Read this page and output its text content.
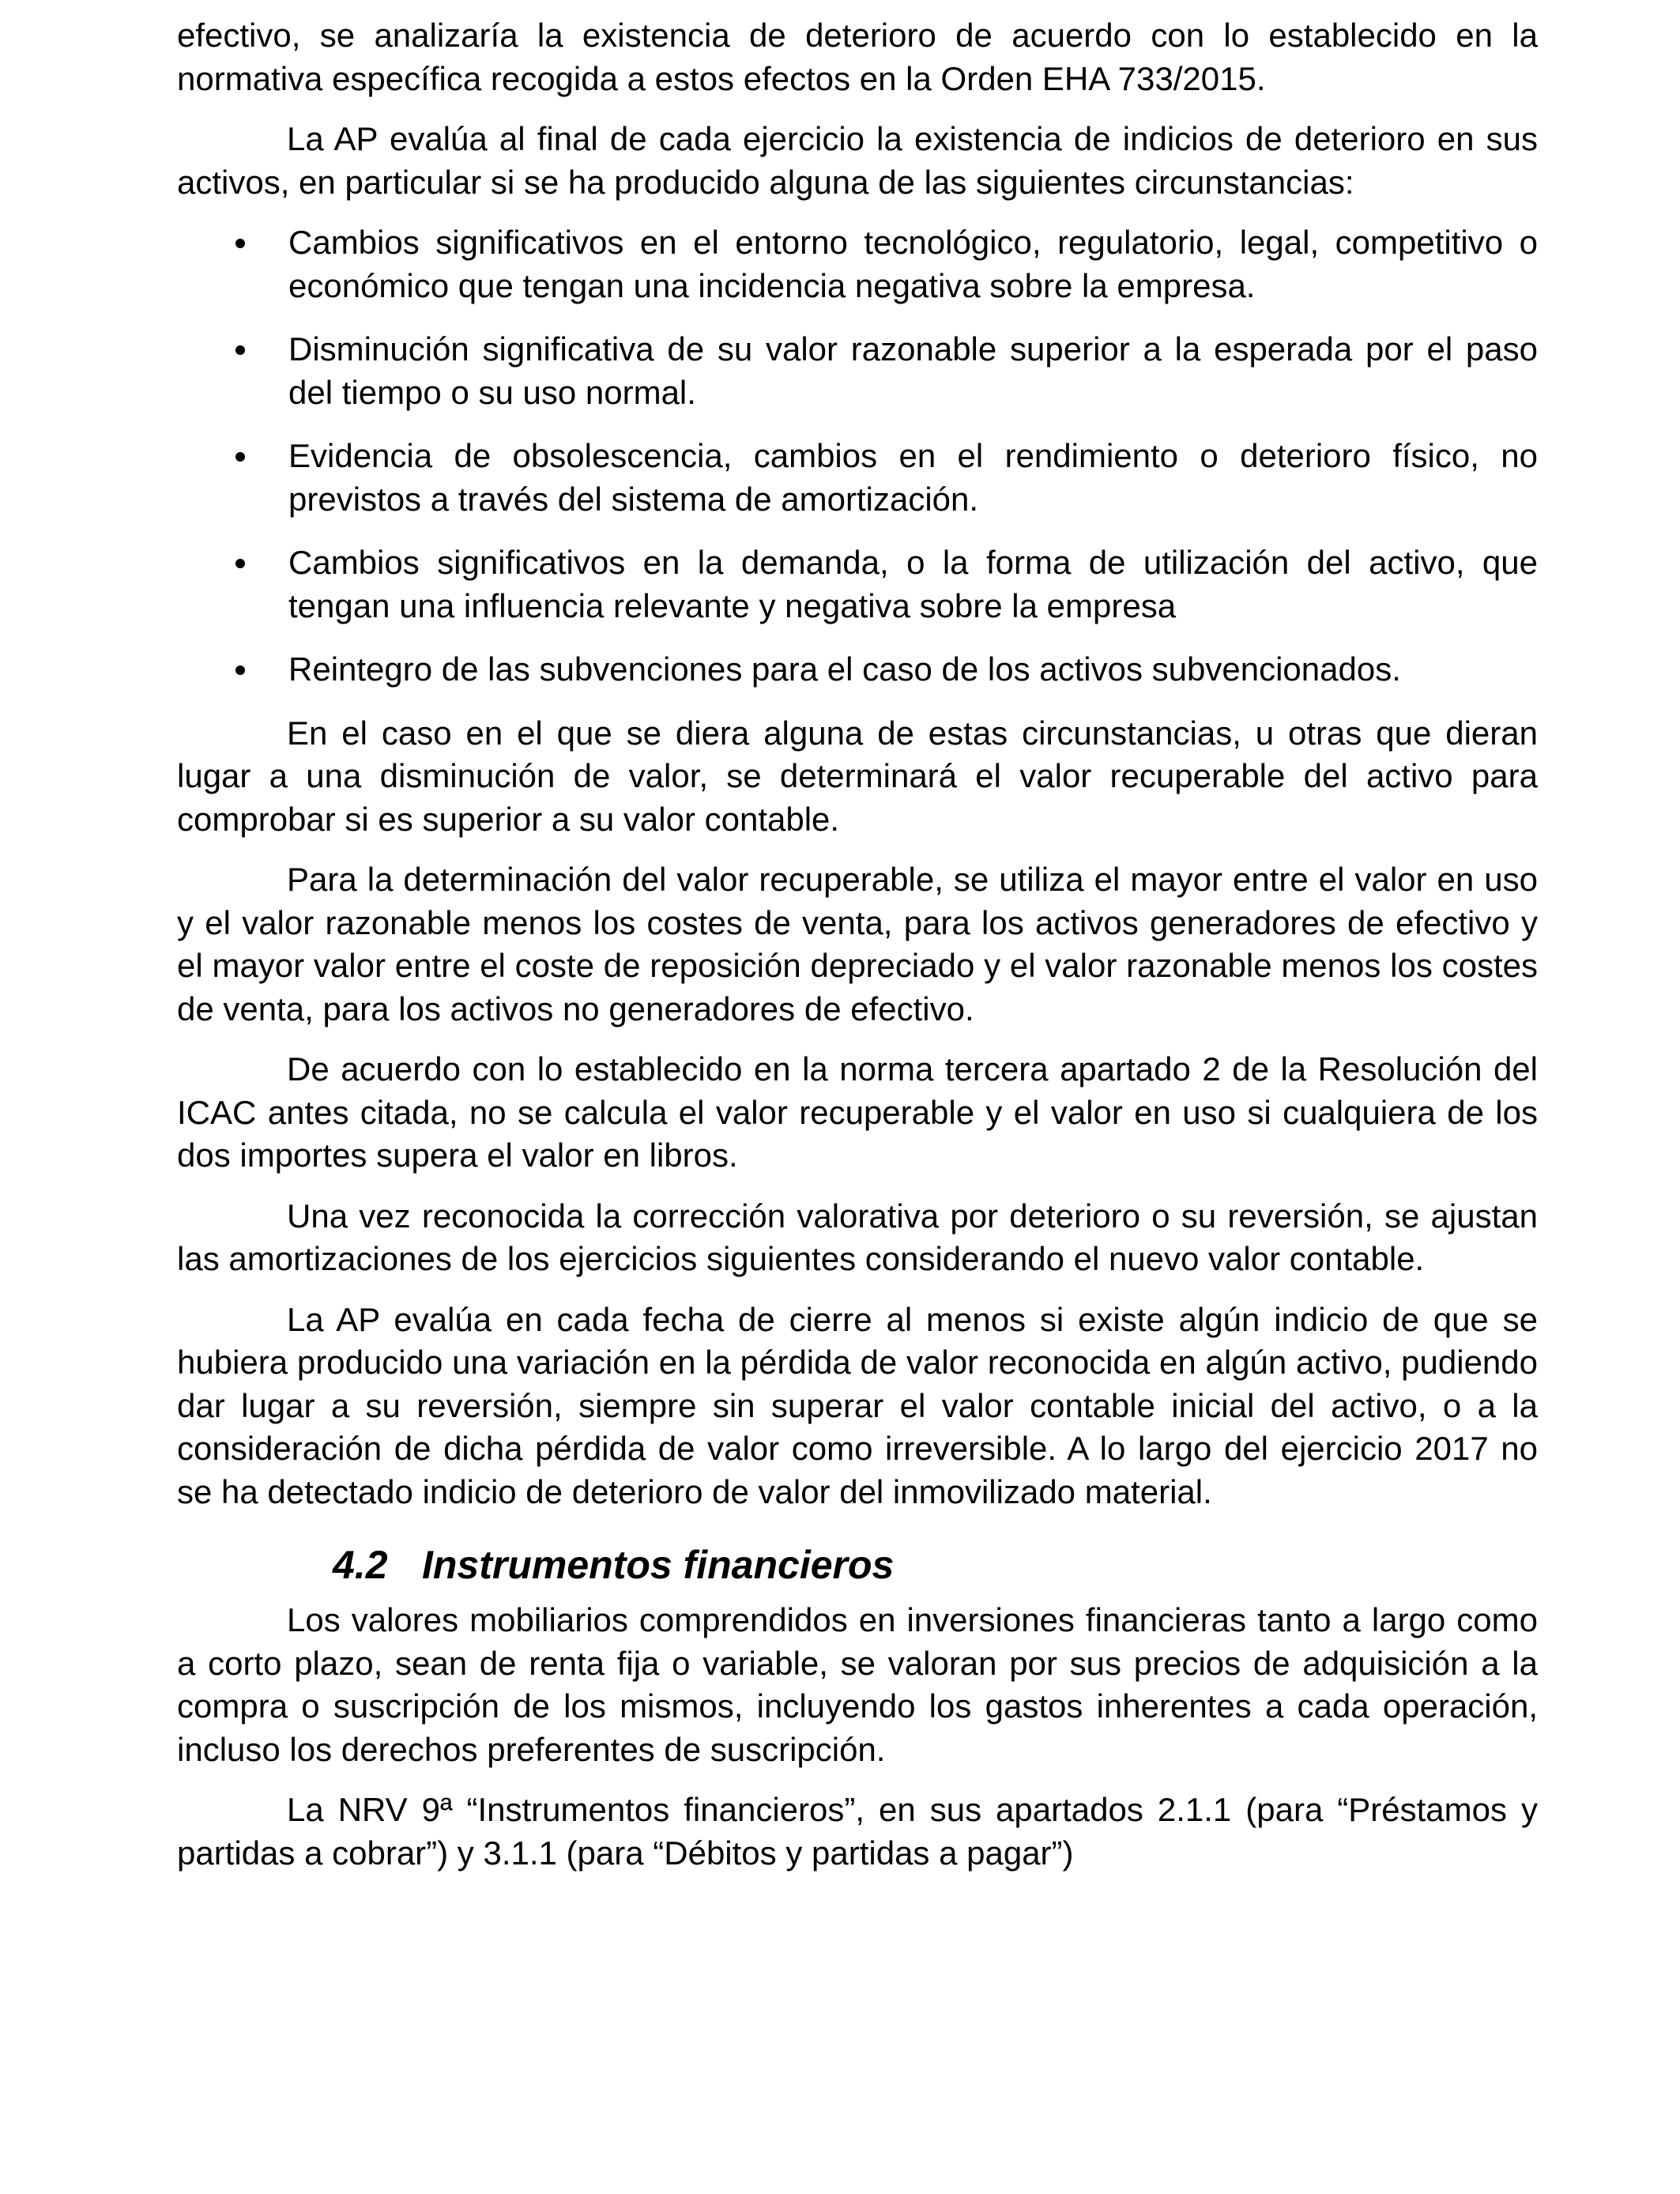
efectivo, se analizaría la existencia de deterioro de acuerdo con lo establecido en la normativa específica recogida a estos efectos en la Orden EHA 733/2015.

La AP evalúa al final de cada ejercicio la existencia de indicios de deterioro en sus activos, en particular si se ha producido alguna de las siguientes circunstancias:

Cambios significativos en el entorno tecnológico, regulatorio, legal, competitivo o económico que tengan una incidencia negativa sobre la empresa.
Disminución significativa de su valor razonable superior a la esperada por el paso del tiempo o su uso normal.
Evidencia de obsolescencia, cambios en el rendimiento o deterioro físico, no previstos a través del sistema de amortización.
Cambios significativos en la demanda, o la forma de utilización del activo, que tengan una influencia relevante y negativa sobre la empresa
Reintegro de las subvenciones para el caso de los activos subvencionados.

En el caso en el que se diera alguna de estas circunstancias, u otras que dieran lugar a una disminución de valor, se determinará el valor recuperable del activo para comprobar si es superior a su valor contable.

Para la determinación del valor recuperable, se utiliza el mayor entre el valor en uso y el valor razonable menos los costes de venta, para los activos generadores de efectivo y el mayor valor entre el coste de reposición depreciado y el valor razonable menos los costes de venta, para los activos no generadores de efectivo.

De acuerdo con lo establecido en la norma tercera apartado 2 de la Resolución del ICAC antes citada, no se calcula el valor recuperable y el valor en uso si cualquiera de los dos importes supera el valor en libros.

Una vez reconocida la corrección valorativa por deterioro o su reversión, se ajustan las amortizaciones de los ejercicios siguientes considerando el nuevo valor contable.

La AP evalúa en cada fecha de cierre al menos si existe algún indicio de que se hubiera producido una variación en la pérdida de valor reconocida en algún activo, pudiendo dar lugar a su reversión, siempre sin superar el valor contable inicial del activo, o a la consideración de dicha pérdida de valor como irreversible. A lo largo del ejercicio 2017 no se ha detectado indicio de deterioro de valor del inmovilizado material.

4.2 Instrumentos financieros

Los valores mobiliarios comprendidos en inversiones financieras tanto a largo como a corto plazo, sean de renta fija o variable, se valoran por sus precios de adquisición a la compra o suscripción de los mismos, incluyendo los gastos inherentes a cada operación, incluso los derechos preferentes de suscripción.

La NRV 9ª “Instrumentos financieros”, en sus apartados 2.1.1 (para “Préstamos y partidas a cobrar”) y 3.1.1 (para “Débitos y partidas a pagar”)
